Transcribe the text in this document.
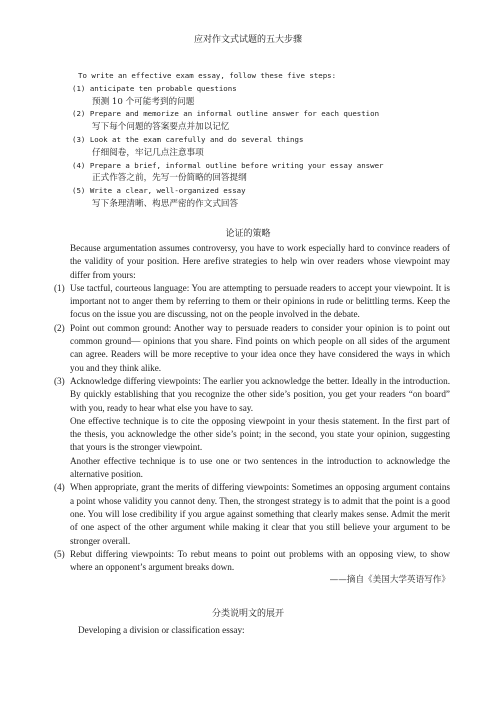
应对作文式试题的五大步骤
To write an effective exam essay, follow these five steps:
(1) anticipate ten probable questions
预测 10 个可能考到的问题
(2) Prepare and memorize an informal outline answer for each question
写下每个问题的答案要点并加以记忆
(3) Look at the exam carefully and do several things
仔细阅卷，牢记几点注意事项
(4) Prepare a brief, informal outline before writing your essay answer
正式作答之前，先写一份简略的回答提纲
(5) Write a clear, well-organized essay
写下条理清晰、构思严密的作文式回答
论证的策略

Because argumentation assumes controversy, you have to work especially hard to convince readers of the validity of your position. Here arefive strategies to help win over readers whose viewpoint may differ from yours:

(1) Use tactful, courteous language: You are attempting to persuade readers to accept your viewpoint. It is important not to anger them by referring to them or their opinions in rude or belittling terms. Keep the focus on the issue you are discussing, not on the people involved in the debate.

(2) Point out common ground: Another way to persuade readers to consider your opinion is to point out common ground— opinions that you share. Find points on which people on all sides of the argument can agree. Readers will be more receptive to your idea once they have considered the ways in which you and they think alike.

(3) Acknowledge differing viewpoints: The earlier you acknowledge the better. Ideally in the introduction. By quickly establishing that you recognize the other side’s position, you get your readers “on board” with you, ready to hear what else you have to say.

One effective technique is to cite the opposing viewpoint in your thesis statement. In the first part of the thesis, you acknowledge the other side’s point; in the second, you state your opinion, suggesting that yours is the stronger viewpoint.

Another effective technique is to use one or two sentences in the introduction to acknowledge the alternative position.

(4) When appropriate, grant the merits of differing viewpoints: Sometimes an opposing argument contains a point whose validity you cannot deny. Then, the strongest strategy is to admit that the point is a good one. You will lose credibility if you argue against something that clearly makes sense. Admit the merit of one aspect of the other argument while making it clear that you still believe your argument to be stronger overall.

(5) Rebut differing viewpoints: To rebut means to point out problems with an opposing view, to show where an opponent’s argument breaks down.

——摘自《美国大学英语写作》

分类说明文的展开
Developing a division or classification essay:
